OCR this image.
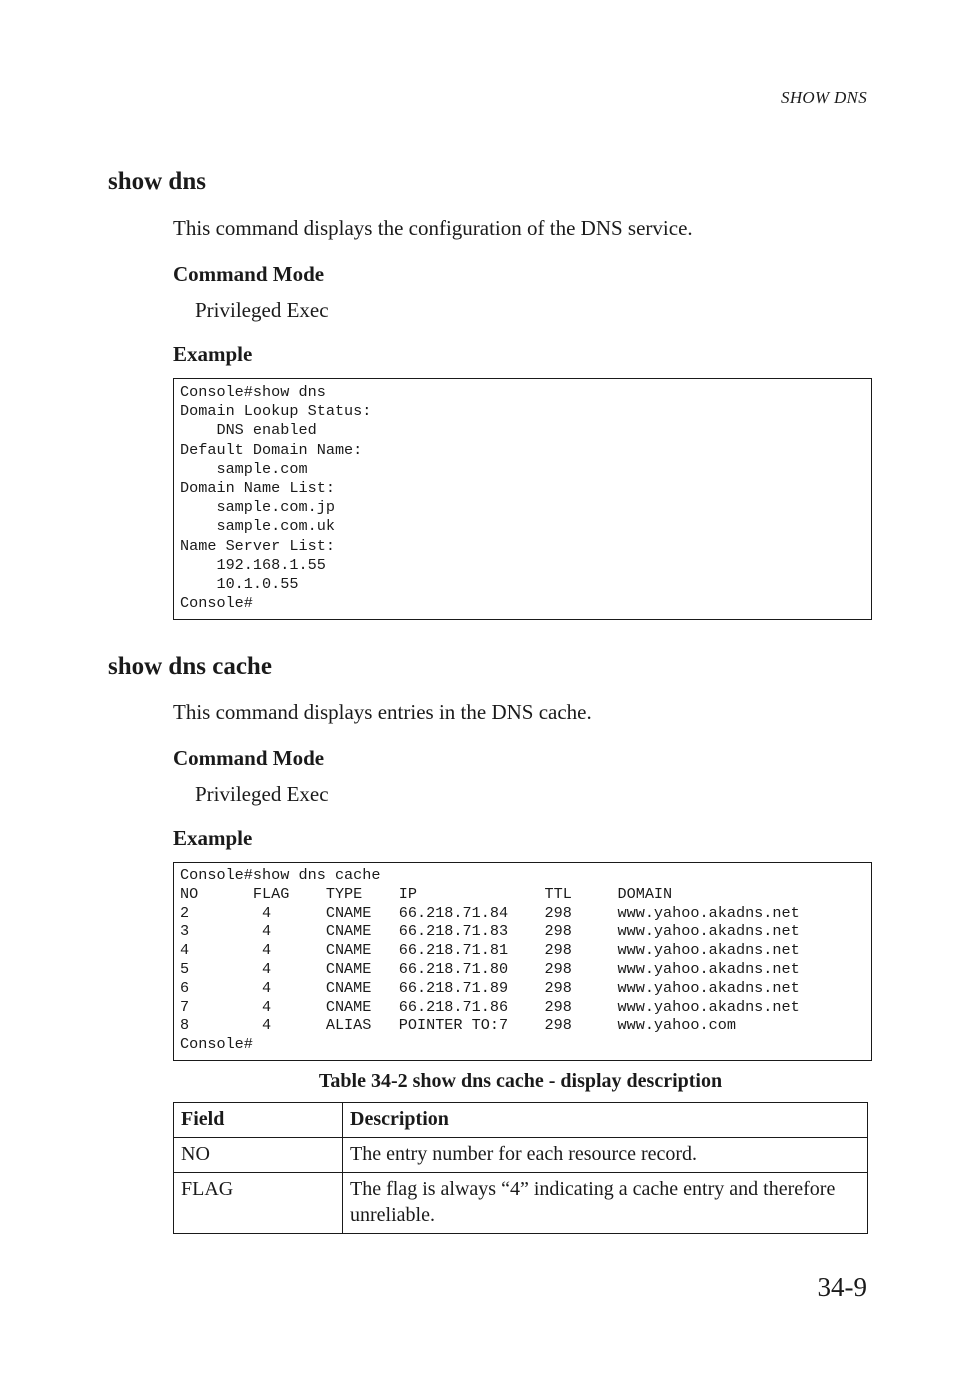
SHOW DNS
show dns

This command displays the configuration of the DNS service.

Command Mode

Privileged Exec

Example
Console#show dns
Domain Lookup Status:
DNS enabled
Default Domain Name:
sample.com
Domain Name List:
sample.com.jp
sample.com.uk
Name Server List:
192.168.1.55
10.1.0.55
Console#
show dns cache

This command displays entries in the DNS cache.

Command Mode

Privileged Exec

Example
Console#show dns cache
NO      FLAG    TYPE    IP              TTL     DOMAIN
2        4      CNAME   66.218.71.84    298     www.yahoo.akadns.net
3        4      CNAME   66.218.71.83    298     www.yahoo.akadns.net
4        4      CNAME   66.218.71.81    298     www.yahoo.akadns.net
5        4      CNAME   66.218.71.80    298     www.yahoo.akadns.net
6        4      CNAME   66.218.71.89    298     www.yahoo.akadns.net
7        4      CNAME   66.218.71.86    298     www.yahoo.akadns.net
8        4      ALIAS   POINTER TO:7    298     www.yahoo.com
Console#

Table 34-2 show dns cache - display description

Field	Description
NO	The entry number for each resource record.
FLAG	The flag is always “4” indicating a cache entry and therefore unreliable.
34-9
